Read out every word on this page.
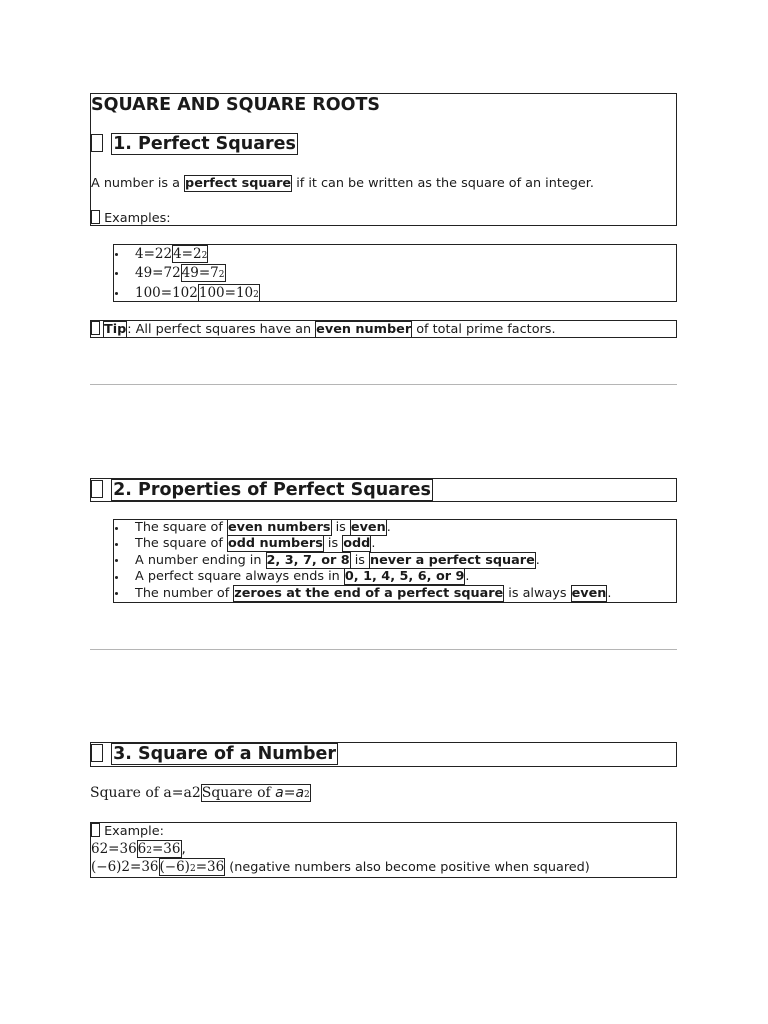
SQUARE AND SQUARE ROOTS
1. Perfect Squares

A number is a perfect square if it can be written as the square of an integer.

Examples:

4=224=22
49=7249=72
100=102100=102
Tip: All perfect squares have an even number of total prime factors.
2. Properties of Perfect Squares
The square of even numbers is even.
The square of odd numbers is odd.
A number ending in 2, 3, 7, or 8 is never a perfect square.
A perfect square always ends in 0, 1, 4, 5, 6, or 9.
The number of zeroes at the end of a perfect square is always even.
3. Square of a Number
Square of a=a2Square of a=a2
Example:
62=3662=36,
(−6)2=36(−6)2=36 (negative numbers also become positive when squared)
